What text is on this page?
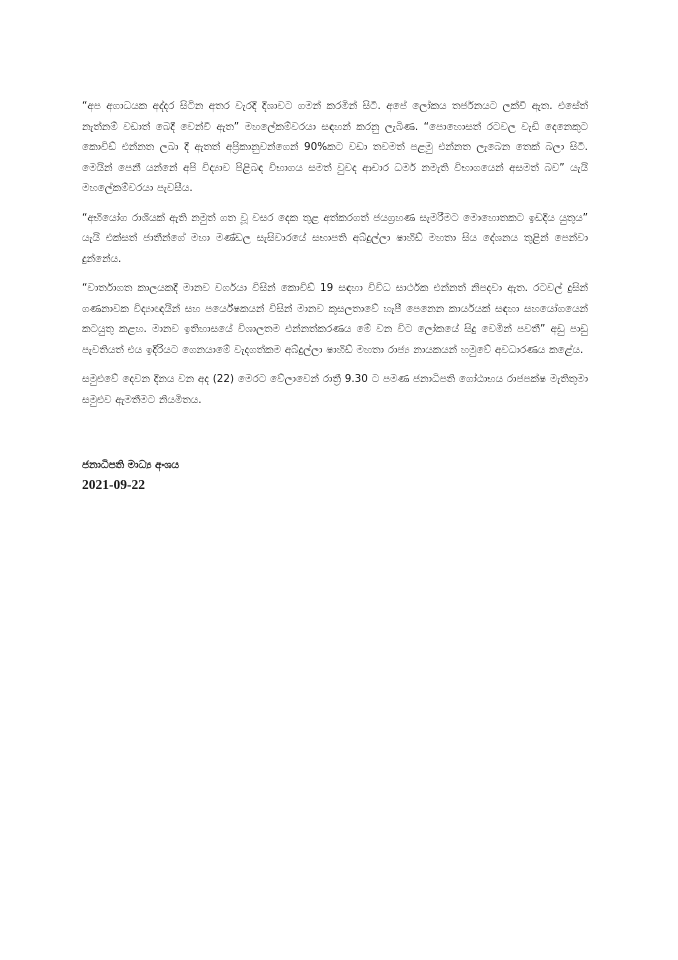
“අප අගාධයක අද්දර සිටින අතර වැරදි දිශාවට ගමන් කරමින් සිටී. අපේ ලෝකය තර්ජනයට ලක්වී ඇත. එසේත් නැත්නම් වඩාත් බෙදී වෙන්වී ඇත” මහලේකම්වරයා සඳහන් කරනු ලැබිණ. “පොහොසත් රටවල වැඩි දෙනෙකුට කොවිඩ් එන්නත ලබා දී ඇතත් අප්‍රිකානුවන්ගෙන් 90%කට වඩා තවමත් පළමු එන්නත ලැබෙන තෙක් බලා සිටී. මෙයින් පෙනී යන්නේ අපි විද්‍යාව පිළිබඳ විභාගය සමත් වුවද ආචාර ධර්ම නමැති විභාගයෙන් අසමත් බව” යැයි මහලේකම්වරයා පැවසීය.

“අභියෝග රාශියක් ඇති නමුත් ගත වූ වසර දෙක තුළ අත්කරගත් ජයග්‍රහණ සැමරීමට මොහොතකට ඉඩදිය යුතුය” යැයි එක්සත් ජාතීන්ගේ මහා මණ්ඩල සැසිවාරයේ සභාපති අබ්දුල්ලා ෂාහිඩ් මහතා සිය දේශනය තුළින් පෙන්වා දුන්නේය.

“වාර්තාගත කාලයකදී මානව වර්ගයා විසින් කොවිඩ් 19 සඳහා විවිධ සාර්ථක එන්නත් නිපදවා ඇත. රටවල් දුසින් ගණනාවක විද්‍යාඥයින් සහ පර්යේෂකයන් විසින් මානව කුසලතාවේ හැපී පෙනෙන කාර්යයක් සඳහා සහයෝගයෙන් කටයුතු කළහ. මානව ඉතිහාසයේ විශාලතම එන්නත්කරණය මේ වන විට ලෝකයේ සිදු වෙමින් පවතී” අඩු පාඩු පැවතියත් එය ඉදිරියට ගෙනයාමේ වැදගත්කම අබ්දුල්ලා ෂාහිඩ් මහතා රාජ්‍ය නායකයන් හමුවේ අවධාරණය කළේය.

සමුළුවේ දෙවන දිනය වන අද (22) මෙරට වේලාවෙන් රාත්‍රී 9.30 ට පමණ ජනාධිපති ගෝඨාභය රාජපක්ෂ මැතිතුමා සමුළුව ඇමතීමට නියමිතය.

ජනාධිපති මාධ්‍ය අංශය

2021-09-22
